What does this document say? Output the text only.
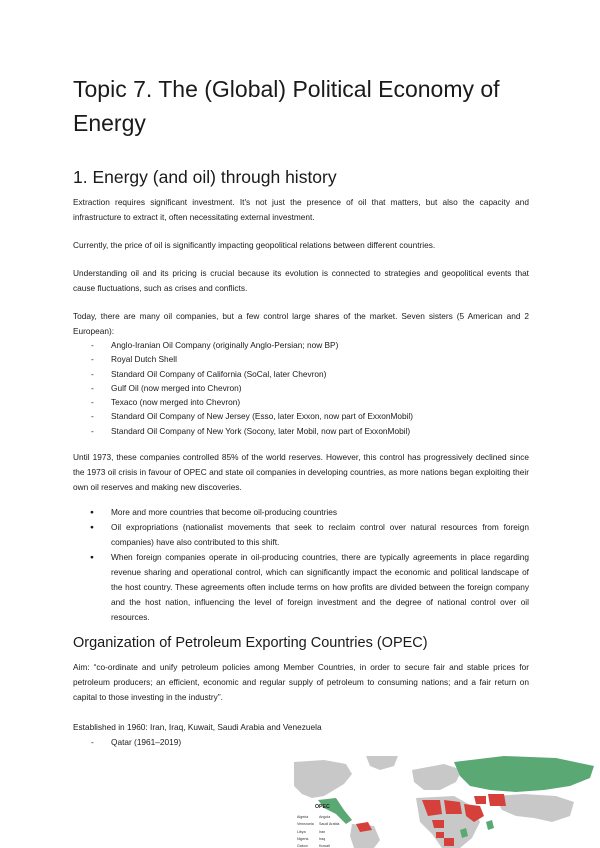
Topic 7. The (Global) Political Economy of Energy
1. Energy (and oil) through history

Extraction requires significant investment. It's not just the presence of oil that matters, but also the capacity and infrastructure to extract it, often necessitating external investment.

Currently, the price of oil is significantly impacting geopolitical relations between different countries.

Understanding oil and its pricing is crucial because its evolution is connected to strategies and geopolitical events that cause fluctuations, such as crises and conflicts.

Today, there are many oil companies, but a few control large shares of the market. Seven sisters (5 American and 2 European):

- Anglo-Iranian Oil Company (originally Anglo-Persian; now BP)
- Royal Dutch Shell
- Standard Oil Company of California (SoCal, later Chevron)
- Gulf Oil (now merged into Chevron)
- Texaco (now merged into Chevron)
- Standard Oil Company of New Jersey (Esso, later Exxon, now part of ExxonMobil)
- Standard Oil Company of New York (Socony, later Mobil, now part of ExxonMobil)

Until 1973, these companies controlled 85% of the world reserves. However, this control has progressively declined since the 1973 oil crisis in favour of OPEC and state oil companies in developing countries, as more nations began exploiting their own oil reserves and making new discoveries.

● More and more countries that become oil-producing countries
● Oil expropriations (nationalist movements that seek to reclaim control over natural resources from foreign companies) have also contributed to this shift.
● When foreign companies operate in oil-producing countries, there are typically agreements in place regarding revenue sharing and operational control, which can significantly impact the economic and political landscape of the host country. These agreements often include terms on how profits are divided between the foreign company and the host nation, influencing the level of foreign investment and the degree of national control over oil resources.
Organization of Petroleum Exporting Countries (OPEC)

Aim: “co-ordinate and unify petroleum policies among Member Countries, in order to secure fair and stable prices for petroleum producers; an efficient, economic and regular supply of petroleum to consuming nations; and a fair return on capital to those investing in the industry”.

Established in 1960: Iran, Iraq, Kuwait, Saudi Arabia and Venezuela

- Qatar (1961–2019)
OPEC
Algeria	Angola
Venezuela Saudi Arabia
Libya	Iran
Nigeria	Iraq
Gabon	Kuwait
